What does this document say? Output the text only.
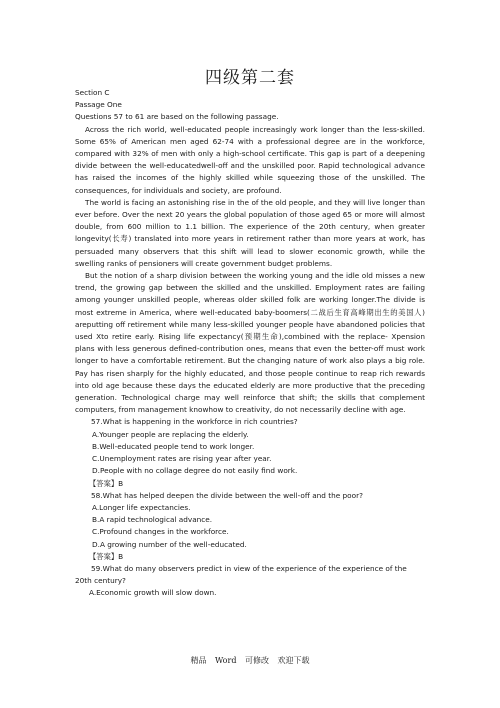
四级第二套

Section C

Passage One

Questions 57 to 61 are based on the following passage.

Across the rich world, well-educated people increasingly work longer than the less-skilled. Some 65% of American men aged 62-74 with a professional degree are in the workforce, compared with 32% of men with only a high-school certificate. This gap is part of a deepening divide between the well-educatedwell-off and the unskilled poor. Rapid technological advance has raised the incomes of the highly skilled while squeezing those of the unskilled. The consequences, for individuals and society, are profound.

The world is facing an astonishing rise in the of the old people, and they will live longer than ever before. Over the next 20 years the global population of those aged 65 or more will almost double, from 600 million to 1.1 billion. The experience of the 20th century, when greater longevity(长寿) translated into more years in retirement rather than more years at work, has persuaded many observers that this shift will lead to slower economic growth, while the swelling ranks of pensioners will create government budget problems.

But the notion of a sharp division between the working young and the idle old misses a new trend, the growing gap between the skilled and the unskilled. Employment rates are failing among younger unskilled people, whereas older skilled folk are working longer.The divide is most extreme in America, where well-educated baby-boomers(二战后生育高峰期出生的美国人) areputting off retirement while many less-skilled younger people have abandoned policies that used Xto retire early. Rising life expectancy(预期生命),combined with the replace- Xpension plans with less generous defined-contribution ones, means that even the better-off must work longer to have a comfortable retirement. But the changing nature of work also plays a big role. Pay has risen sharply for the highly educated, and those people continue to reap rich rewards into old age because these days the educated elderly are more productive that the preceding generation. Technological charge may well reinforce that shift; the skills that complement computers, from management knowhow to creativity, do not necessarily decline with age.

57.What is happening in the workforce in rich countries?

A.Younger people are replacing the elderly.

B.Well-educated people tend to work longer.

C.Unemployment rates are rising year after year.

D.People with no collage degree do not easily find work.

【答案】B

58.What has helped deepen the divide between the well-off and the poor?

A.Longer life expectancies.

B.A rapid technological advance.

C.Profound changes in the workforce.

D.A growing number of the well-educated.

【答案】B

59.What do many observers predict in view of the experience of the experience of the 20th century?

A.Economic growth will slow down.

精品 Word 可修改 欢迎下载
